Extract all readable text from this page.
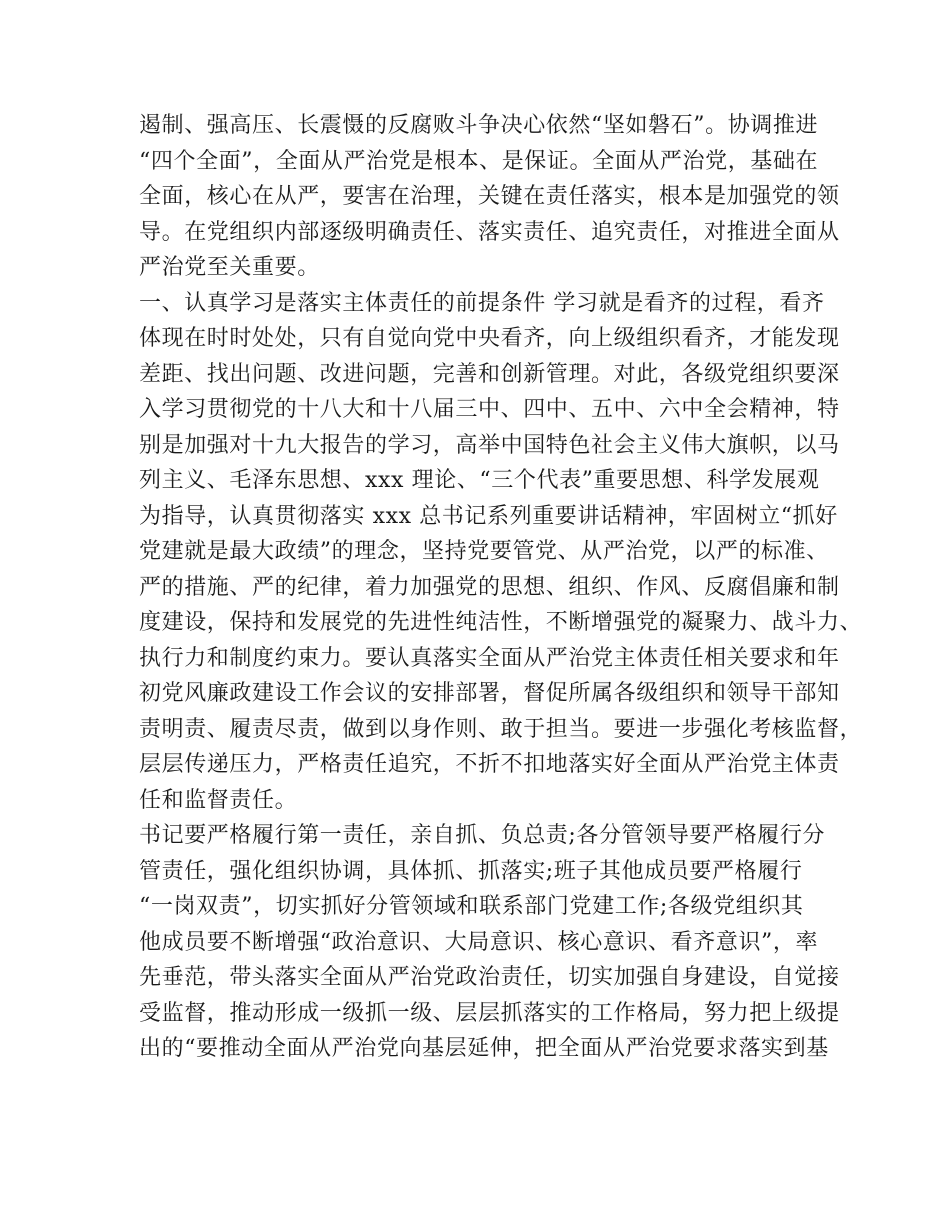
遏制、强高压、长震慑的反腐败斗争决心依然“坚如磐石”。协调推进
“四个全面”，全面从严治党是根本、是保证。全面从严治党，基础在
全面，核心在从严，要害在治理，关键在责任落实，根本是加强党的领
导。在党组织内部逐级明确责任、落实责任、追究责任，对推进全面从
严治党至关重要。
一、认真学习是落实主体责任的前提条件 学习就是看齐的过程，看齐
体现在时时处处，只有自觉向党中央看齐，向上级组织看齐，才能发现
差距、找出问题、改进问题，完善和创新管理。对此，各级党组织要深
入学习贯彻党的十八大和十八届三中、四中、五中、六中全会精神，特
别是加强对十九大报告的学习，高举中国特色社会主义伟大旗帜，以马
列主义、毛泽东思想、xxx 理论、“三个代表”重要思想、科学发展观
为指导，认真贯彻落实 xxx 总书记系列重要讲话精神，牢固树立“抓好
党建就是最大政绩”的理念，坚持党要管党、从严治党，以严的标准、
严的措施、严的纪律，着力加强党的思想、组织、作风、反腐倡廉和制
度建设，保持和发展党的先进性纯洁性，不断增强党的凝聚力、战斗力、
执行力和制度约束力。要认真落实全面从严治党主体责任相关要求和年
初党风廉政建设工作会议的安排部署，督促所属各级组织和领导干部知
责明责、履责尽责，做到以身作则、敢于担当。要进一步强化考核监督，
层层传递压力，严格责任追究，不折不扣地落实好全面从严治党主体责
任和监督责任。
书记要严格履行第一责任，亲自抓、负总责;各分管领导要严格履行分
管责任，强化组织协调，具体抓、抓落实;班子其他成员要严格履行
“一岗双责”，切实抓好分管领域和联系部门党建工作;各级党组织其
他成员要不断增强“政治意识、大局意识、核心意识、看齐意识”，率
先垂范，带头落实全面从严治党政治责任，切实加强自身建设，自觉接
受监督，推动形成一级抓一级、层层抓落实的工作格局，努力把上级提
出的“要推动全面从严治党向基层延伸，把全面从严治党要求落实到基
